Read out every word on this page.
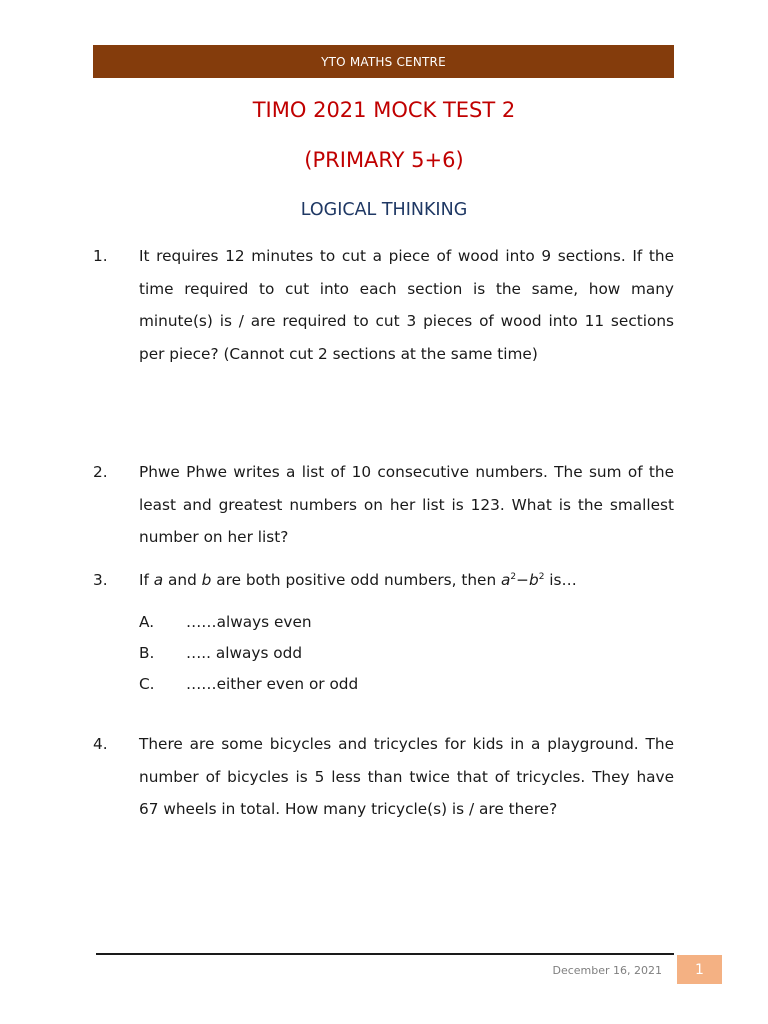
YTO MATHS CENTRE
TIMO 2021 MOCK TEST 2
(PRIMARY 5+6)
LOGICAL THINKING
1.	It requires 12 minutes to cut a piece of wood into 9 sections. If the time required to cut into each section is the same, how many minute(s) is / are required to cut 3 pieces of wood into 11 sections per piece? (Cannot cut 2 sections at the same time)
2.	Phwe Phwe writes a list of 10 consecutive numbers. The sum of the least and greatest numbers on her list is 123. What is the smallest number on her list?
3.	If a and b are both positive odd numbers, then $a^2-b^2$ is…
A.	……always even
B.	….. always odd
C.	……either even or odd
4.	There are some bicycles and tricycles for kids in a playground. The number of bicycles is 5 less than twice that of tricycles. They have 67 wheels in total. How many tricycle(s) is / are there?
December 16, 2021 1
